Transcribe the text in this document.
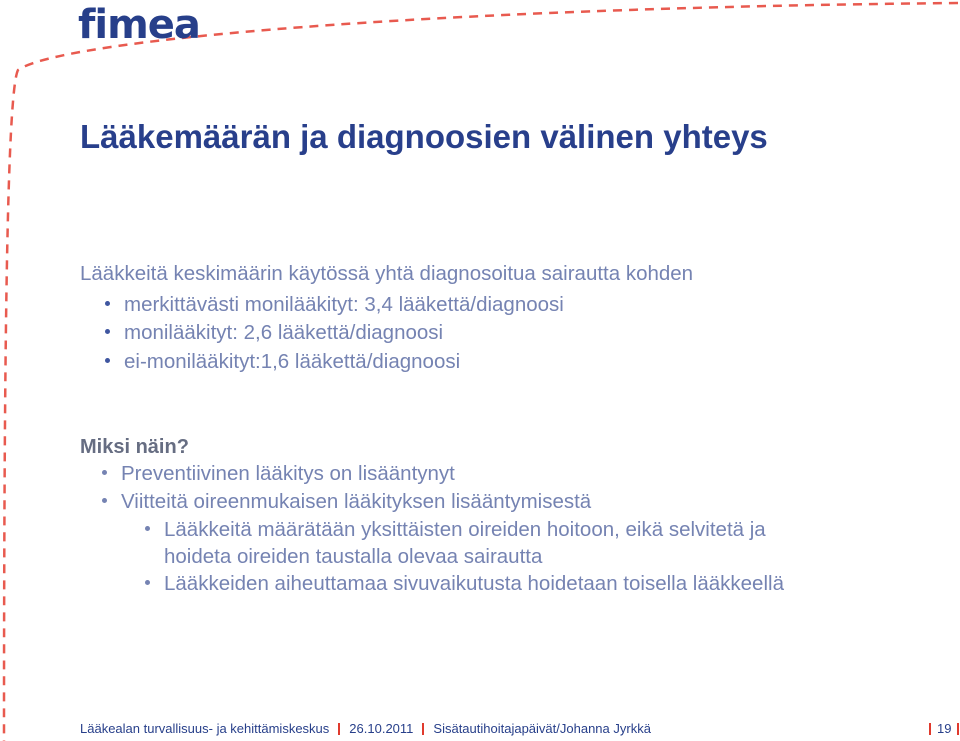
fimea
Lääkemäärän ja diagnoosien välinen yhteys

Lääkkeitä keskimäärin käytössä yhtä diagnosoitua sairautta kohden

merkittävästi monilääkityt: 3,4 lääkettä/diagnoosi
monilääkityt: 2,6 lääkettä/diagnoosi
ei-monilääkityt:1,6 lääkettä/diagnoosi

Miksi näin?

Preventiivinen lääkitys on lisääntynyt
Viitteitä oireenmukaisen lääkityksen lisääntymisestä
Lääkkeitä määrätään yksittäisten oireiden hoitoon, eikä selvitetä ja

hoideta oireiden taustalla olevaa sairautta

Lääkkeiden aiheuttamaa sivuvaikutusta hoidetaan toisella lääkkeellä
Lääkealan turvallisuus- ja kehittämiskeskus 26.10.2011 Sisätautihoitajapäivät/Johanna Jyrkkä	19
